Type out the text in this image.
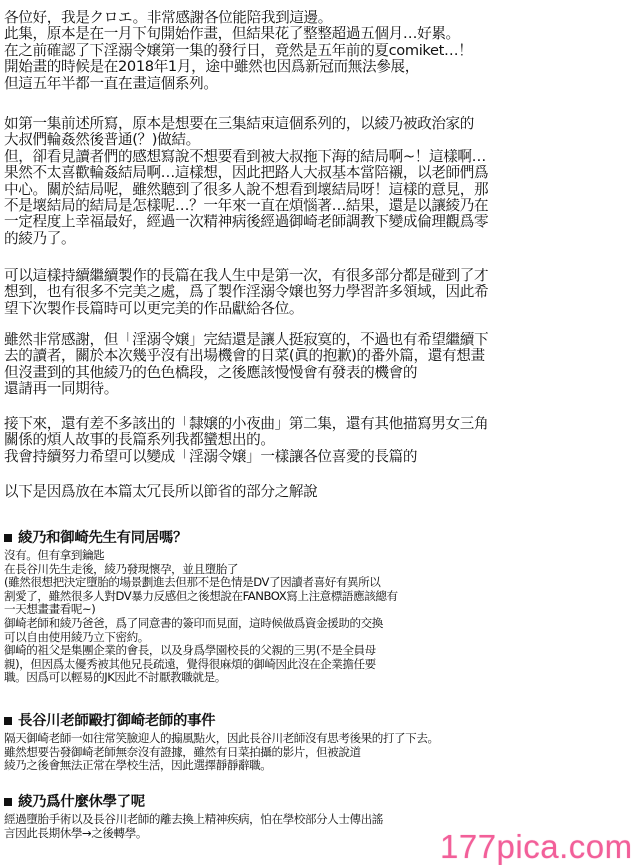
各位好，我是クロエ。非常感謝各位能陪我到這邊。
此集，原本是在一月下旬開始作畫，但結果花了整整超過五個月…好累。
在之前確認了下淫溺令嬢第一集的發行日，竟然是五年前的夏comiket…！
開始畫的時候是在2018年1月，途中雖然也因爲新冠而無法參展，
但這五年半都一直在畫這個系列。
如第一集前述所寫，原本是想要在三集結束這個系列的，以綾乃被政治家的
大叔們輪姦然後普通(？)做結。
但，卻看見讀者們的感想寫說不想要看到被大叔拖下海的結局啊~！這樣啊…
果然不太喜歡輪姦結局啊…這樣想，因此把路人大叔基本當陪襯，以老師們爲
中心。關於結局呢，雖然聽到了很多人說不想看到壞結局呀！這樣的意見，那
不是壞結局的結局是怎樣呢…？一年來一直在煩惱著…結果，還是以讓綾乃在
一定程度上幸福最好，經過一次精神病後經過御崎老師調教下變成倫理觀爲零
的綾乃了。
可以這樣持續繼續製作的長篇在我人生中是第一次，有很多部分都是碰到了才
想到，也有很多不完美之處，爲了製作淫溺令嬢也努力學習許多領域，因此希
望下次製作長篇時可以更完美的作品獻給各位。
雖然非常感謝，但「淫溺令嬢」完結還是讓人挺寂寞的，不過也有希望繼續下
去的讀者，關於本次幾乎沒有出場機會的日菜(眞的抱歉)的番外篇，還有想畫
但沒畫到的其他綾乃的色色橋段，之後應該慢慢會有發表的機會的
還請再一同期待。
接下來，還有差不多該出的「隸嬢的小夜曲」第二集，還有其他描寫男女三角
關係的煩人故事的長篇系列我都蠻想出的。
我會持續努力希望可以變成「淫溺令嬢」一樣讓各位喜愛的長篇的
以下是因爲放在本篇太冗長所以節省的部分之解說
綾乃和御崎先生有同居嗎？
沒有。但有拿到鑰匙
在長谷川先生走後，綾乃發現懷孕，並且墮胎了
(雖然很想把決定墮胎的場景劃進去但那不是色情是DV了因讀者喜好有異所以
割愛了，雖然很多人對DV暴力反感但之後想說在FANBOX寫上注意標語應該總有
一天想畫畫看呢~)
御崎老師和綾乃爸爸，爲了同意書的簽印而見面，這時候做爲資金援助的交換
可以自由使用綾乃立下密約。
御崎的祖父是集團企業的會長，以及身爲學園校長的父親的三男(不是全員母
親)，但因爲太優秀被其他兄長疏遠，覺得很麻煩的御崎因此沒在企業擔任要
職。因爲可以輕易的JK因此不討厭教職就是。
長谷川老師毆打御崎老師的事件
隔天御崎老師一如往常笑臉迎人的搧風點火，因此長谷川老師沒有思考後果的打了下去。
雖然想要告發御崎老師無奈沒有證據，雖然有日菜拍攝的影片，但被說道
綾乃之後會無法正常在學校生活，因此選擇靜靜辭職。
綾乃爲什麼休學了呢
經過墮胎手術以及長谷川老師的離去換上精神疾病，怕在學校部分人士傳出謠
言因此長期休學→之後轉學。	177pica.com
